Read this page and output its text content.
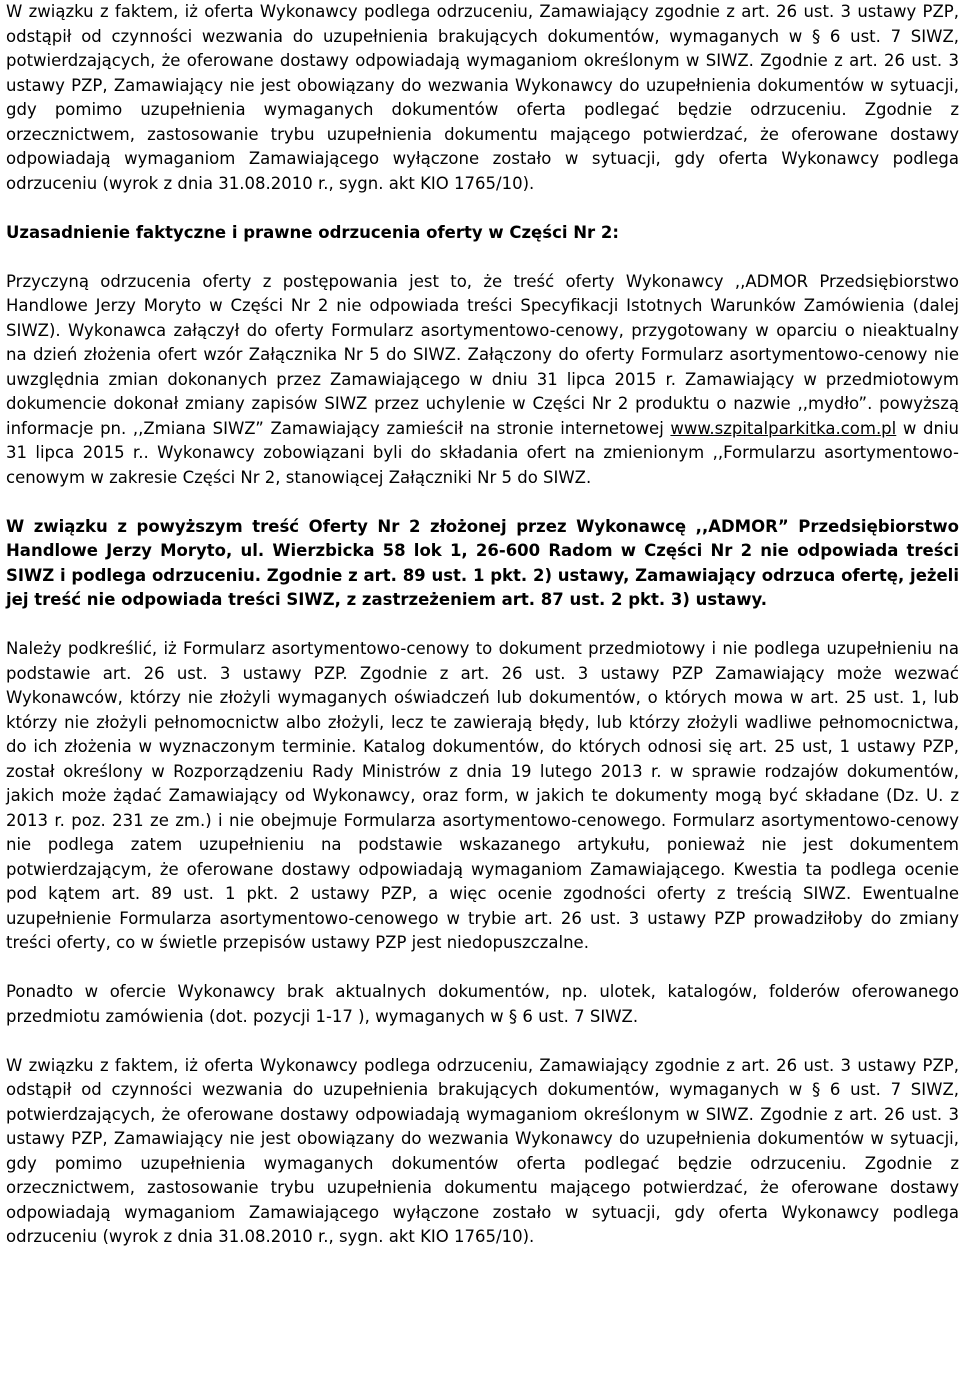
W związku z faktem, iż oferta Wykonawcy podlega odrzuceniu, Zamawiający zgodnie z art. 26 ust. 3 ustawy PZP, odstąpił od czynności wezwania do uzupełnienia brakujących dokumentów, wymaganych w § 6 ust. 7 SIWZ, potwierdzających, że oferowane dostawy odpowiadają wymaganiom określonym w SIWZ. Zgodnie z art. 26 ust. 3 ustawy PZP, Zamawiający nie jest obowiązany do wezwania Wykonawcy do uzupełnienia dokumentów w sytuacji, gdy pomimo uzupełnienia wymaganych dokumentów oferta podlegać będzie odrzuceniu. Zgodnie z orzecznictwem, zastosowanie trybu uzupełnienia dokumentu mającego potwierdzać, że oferowane dostawy odpowiadają wymaganiom Zamawiającego wyłączone zostało w sytuacji, gdy oferta Wykonawcy podlega odrzuceniu (wyrok z dnia 31.08.2010 r., sygn. akt KIO 1765/10).

Uzasadnienie faktyczne i prawne odrzucenia oferty w Części Nr 2:

Przyczyną odrzucenia oferty z postępowania jest to, że treść oferty Wykonawcy ,,ADMOR Przedsiębiorstwo Handlowe Jerzy Moryto w Części Nr 2 nie odpowiada treści Specyfikacji Istotnych Warunków Zamówienia (dalej SIWZ). Wykonawca załączył do oferty Formularz asortymentowo-cenowy, przygotowany w oparciu o nieaktualny na dzień złożenia ofert wzór Załącznika Nr 5 do SIWZ. Załączony do oferty Formularz asortymentowo-cenowy nie uwzględnia zmian dokonanych przez Zamawiającego w dniu 31 lipca 2015 r. Zamawiający w przedmiotowym dokumencie dokonał zmiany zapisów SIWZ przez uchylenie w Części Nr 2 produktu o nazwie ,,mydło”. powyższą informacje pn. ,,Zmiana SIWZ” Zamawiający zamieścił na stronie internetowej www.szpitalparkitka.com.pl w dniu 31 lipca 2015 r.. Wykonawcy zobowiązani byli do składania ofert na zmienionym ,,Formularzu asortymentowo-cenowym w zakresie Części Nr 2, stanowiącej Załączniki Nr 5 do SIWZ.

W związku z powyższym treść Oferty Nr 2 złożonej przez Wykonawcę ,,ADMOR” Przedsiębiorstwo Handlowe Jerzy Moryto, ul. Wierzbicka 58 lok 1, 26-600 Radom w Części Nr 2 nie odpowiada treści SIWZ i podlega odrzuceniu. Zgodnie z art. 89 ust. 1 pkt. 2) ustawy, Zamawiający odrzuca ofertę, jeżeli jej treść nie odpowiada treści SIWZ, z zastrzeżeniem art. 87 ust. 2 pkt. 3) ustawy.

Należy podkreślić, iż Formularz asortymentowo-cenowy to dokument przedmiotowy i nie podlega uzupełnieniu na podstawie art. 26 ust. 3 ustawy PZP. Zgodnie z art. 26 ust. 3 ustawy PZP Zamawiający może wezwać Wykonawców, którzy nie złożyli wymaganych oświadczeń lub dokumentów, o których mowa w art. 25 ust. 1, lub którzy nie złożyli pełnomocnictw albo złożyli, lecz te zawierają błędy, lub którzy złożyli wadliwe pełnomocnictwa, do ich złożenia w wyznaczonym terminie. Katalog dokumentów, do których odnosi się art. 25 ust, 1 ustawy PZP, został określony w Rozporządzeniu Rady Ministrów z dnia 19 lutego 2013 r. w sprawie rodzajów dokumentów, jakich może żądać Zamawiający od Wykonawcy, oraz form, w jakich te dokumenty mogą być składane (Dz. U. z 2013 r. poz. 231 ze zm.) i nie obejmuje Formularza asortymentowo-cenowego. Formularz asortymentowo-cenowy nie podlega zatem uzupełnieniu na podstawie wskazanego artykułu, ponieważ nie jest dokumentem potwierdzającym, że oferowane dostawy odpowiadają wymaganiom Zamawiającego. Kwestia ta podlega ocenie pod kątem art. 89 ust. 1 pkt. 2 ustawy PZP, a więc ocenie zgodności oferty z treścią SIWZ. Ewentualne uzupełnienie Formularza asortymentowo-cenowego w trybie art. 26 ust. 3 ustawy PZP prowadziłoby do zmiany treści oferty, co w świetle przepisów ustawy PZP jest niedopuszczalne.

Ponadto w ofercie Wykonawcy brak aktualnych dokumentów, np. ulotek, katalogów, folderów oferowanego przedmiotu zamówienia (dot. pozycji 1-17 ), wymaganych w § 6 ust. 7 SIWZ.

W związku z faktem, iż oferta Wykonawcy podlega odrzuceniu, Zamawiający zgodnie z art. 26 ust. 3 ustawy PZP, odstąpił od czynności wezwania do uzupełnienia brakujących dokumentów, wymaganych w § 6 ust. 7 SIWZ, potwierdzających, że oferowane dostawy odpowiadają wymaganiom określonym w SIWZ. Zgodnie z art. 26 ust. 3 ustawy PZP, Zamawiający nie jest obowiązany do wezwania Wykonawcy do uzupełnienia dokumentów w sytuacji, gdy pomimo uzupełnienia wymaganych dokumentów oferta podlegać będzie odrzuceniu. Zgodnie z orzecznictwem, zastosowanie trybu uzupełnienia dokumentu mającego potwierdzać, że oferowane dostawy odpowiadają wymaganiom Zamawiającego wyłączone zostało w sytuacji, gdy oferta Wykonawcy podlega odrzuceniu (wyrok z dnia 31.08.2010 r., sygn. akt KIO 1765/10).
